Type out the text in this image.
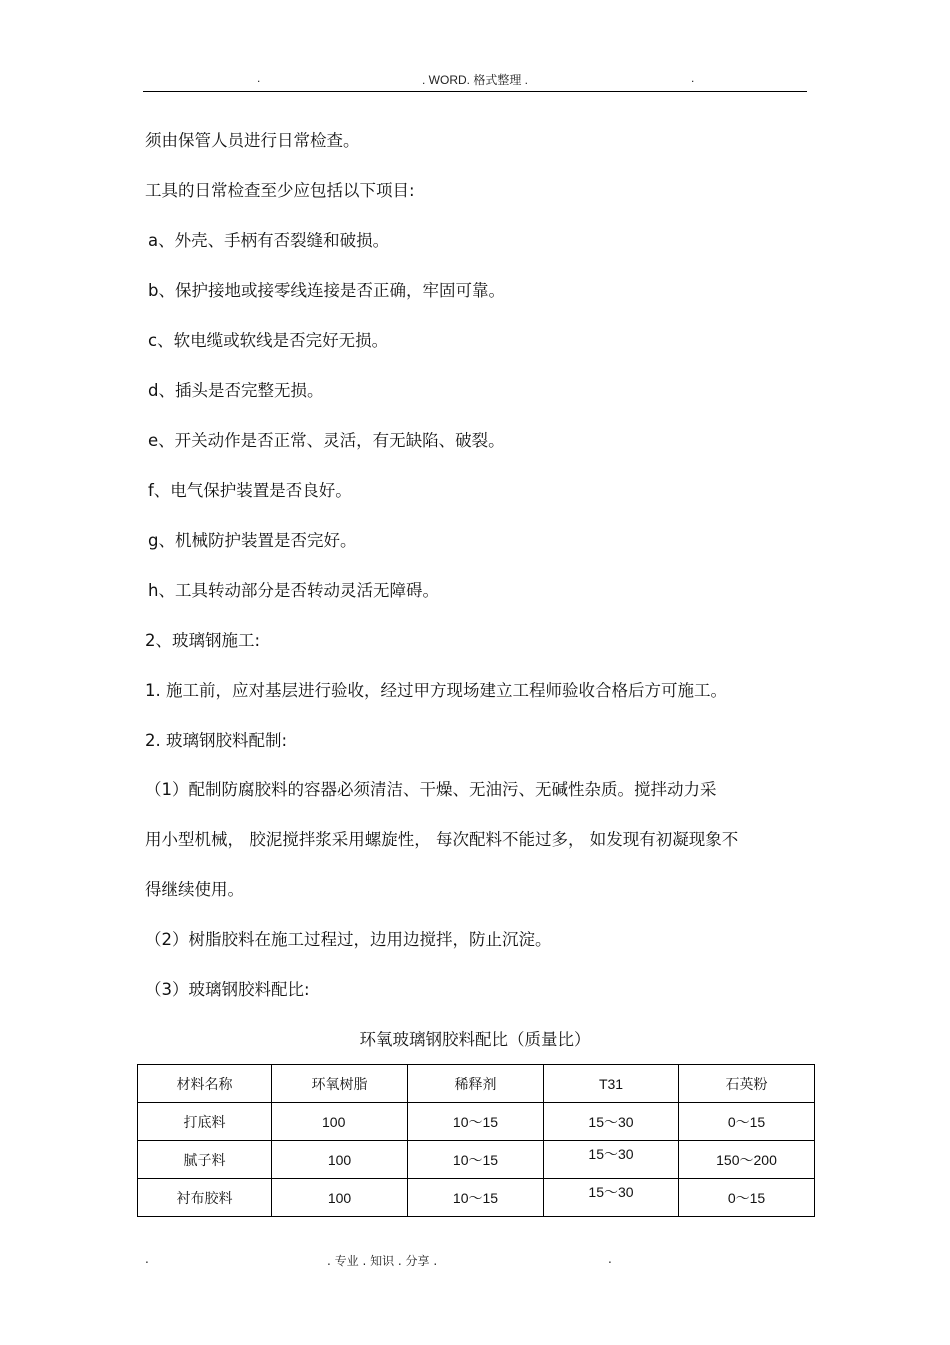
.	. WORD. 格式整理 .	.
须由保管人员进行日常检查。
工具的日常检查至少应包括以下项目:
a、外壳、手柄有否裂缝和破损。
b、保护接地或接零线连接是否正确，牢固可靠。
c、软电缆或软线是否完好无损。
d、插头是否完整无损。
e、开关动作是否正常、灵活，有无缺陷、破裂。
f、电气保护装置是否良好。
g、机械防护装置是否完好。
h、工具转动部分是否转动灵活无障碍。
2、玻璃钢施工:
1. 施工前，应对基层进行验收，经过甲方现场建立工程师验收合格后方可施工。
2. 玻璃钢胶料配制:
（1）配制防腐胶料的容器必须清洁、干燥、无油污、无碱性杂质。搅拌动力采
用小型机械， 胶泥搅拌浆采用螺旋性， 每次配料不能过多， 如发现有初凝现象不
得继续使用。
（2）树脂胶料在施工过程过，边用边搅拌，防止沉淀。
（3）玻璃钢胶料配比:
环氧玻璃钢胶料配比（质量比）
材料名称	环氧树脂	稀释剂	T31	石英粉
打底料	100	10～15	15～30	0～15
腻子料	100	10～15	15～30	150～200
衬布胶料	100	10～15	15～30	0～15
.	. 专业 . 知识 . 分享 .	.
